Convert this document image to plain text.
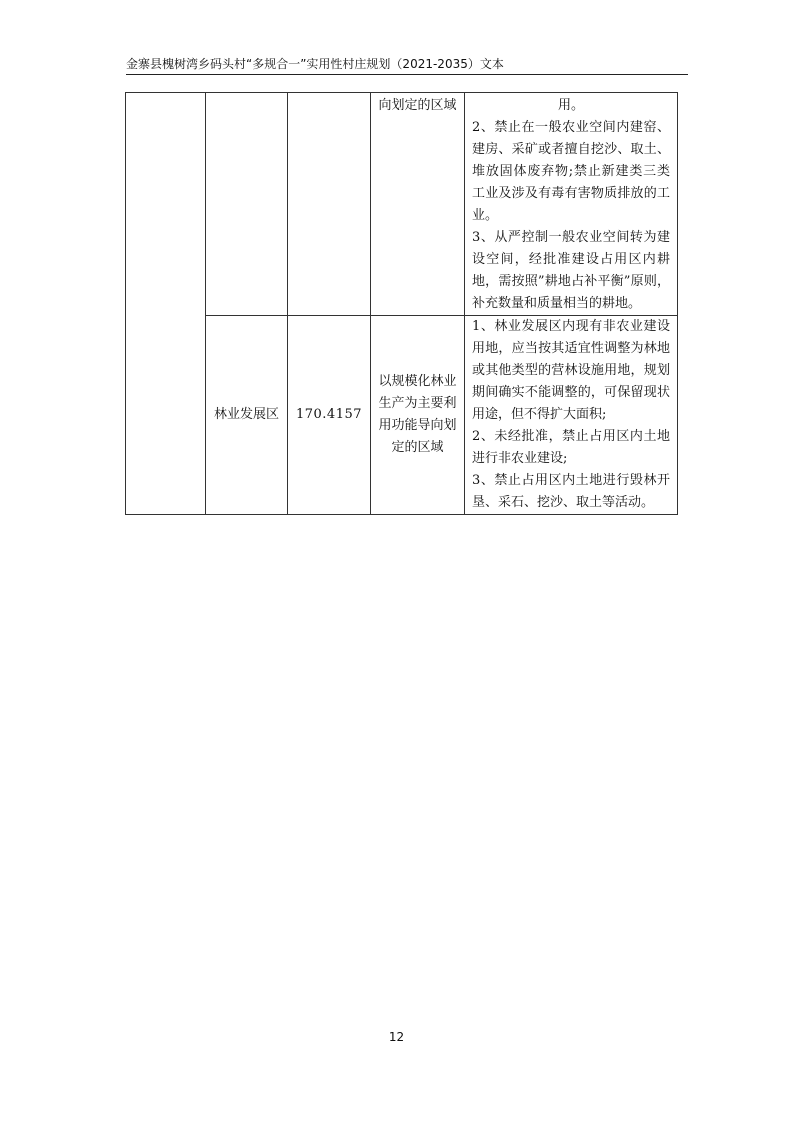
金寨县槐树湾乡码头村“多规合一”实用性村庄规划（2021-2035）文本
			向划定的区域	用。
2、禁止在一般农业空间内建窑、建房、采矿或者擅自挖沙、取土、堆放固体废弃物;禁止新建类三类工业及涉及有毒有害物质排放的工业。
3、从严控制一般农业空间转为建设空间，经批准建设占用区内耕地，需按照”耕地占补平衡”原则，补充数量和质量相当的耕地。

	林业发展区	170.4157	以规模化林业生产为主要利用功能导向划定的区域	1、林业发展区内现有非农业建设用地，应当按其适宜性调整为林地或其他类型的营林设施用地，规划期间确实不能调整的，可保留现状用途，但不得扩大面积;
2、未经批准，禁止占用区内土地进行非农业建设;
3、禁止占用区内土地进行毁林开垦、采石、挖沙、取土等活动。
12
